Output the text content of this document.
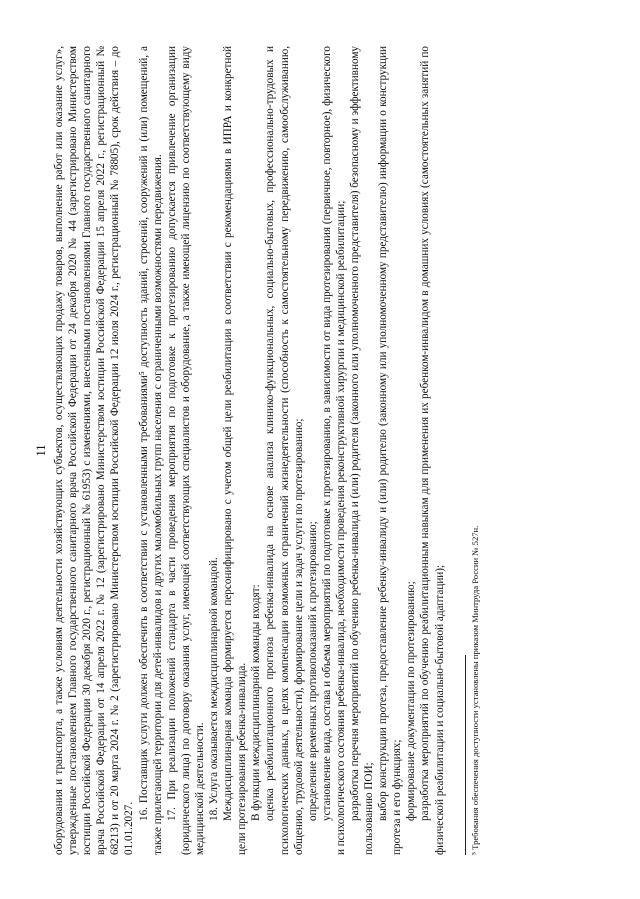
11 оборудования и транспорта, а также условиям деятельности хозяйствующих субъектов, осуществляющих продажу товаров, выполнение работ или оказание услуг», утвержденные постановлением Главного государственного санитарного врача Российской Федерации от 24 декабря 2020 № 44 (зарегистрировано Министерством юстиции Российской Федерации 30 декабря 2020 г., регистрационный № 61953) с изменениями, внесенными постановлениями Главного государственного санитарного врача Российской Федерации от 14 апреля 2022 г. № 12 (зарегистрировано Министерством юстиции Российской Федерации 15 апреля 2022 г., регистрационный № 68213) и от 20 марта 2024 г. № 2 (зарегистрировано Министерством юстиции Российской Федерации 12 июля 2024 г., регистрационный № 78805), срок действия – до 01.01.2027.

16. Поставщик услуги должен обеспечить в соответствии с установленными требованиями⁵ доступность зданий, строений, сооружений и (или) помещений, а также прилегающей территории для детей-инвалидов и других маломобильных групп населения с ограниченными возможностями передвижения. 17. При реализации положений стандарта в части проведения мероприятия по подготовке к протезированию допускается привлечение организации (юридического лица) по договору оказания услуг, имеющей соответствующих специалистов и оборудование, а также имеющей лицензию по соответствующему виду медицинской деятельности. 18. Услуга оказывается междисциплинарной командой. Междисциплинарная команда формируется персонифицировано с учетом общей цели реабилитации в соответствии с рекомендациями в ИПРА и конкретной цели протезирования ребенка-инвалида. В функции междисциплинарной команды входят: оценка реабилитационного прогноза ребенка-инвалида на основе анализа клинико-функциональных, социально-бытовых, профессионально-трудовых и психологических данных, в целях компенсации возможных ограничений жизнедеятельности (способность к самостоятельному передвижению, самообслуживанию, общению, трудовой деятельности), формирование цели и задач услуги по протезированию; определение временных противопоказаний к протезированию; установление вида, состава и объема мероприятий по подготовке к протезированию, в зависимости от вида протезирования (первичное, повторное), физического и психологического состояния ребенка-инвалида, необходимости проведения реконструктивной хирургии и медицинской реабилитации; разработка перечня мероприятий по обучению ребенка-инвалида и (или) родителя (законного или уполномоченного представителя) безопасному и эффективному пользованию ПОИ; выбор конструкции протеза, предоставление ребенку-инвалиду и (или) родителю (законному или уполномоченному представителю) информации о конструкции протеза и его функциях; формирование документации по протезированию; разработка мероприятий по обучению реабилитационным навыкам для применения их ребенком-инвалидом в домашних условиях (самостоятельных занятий по физической реабилитации и социально-бытовой адаптации);	⁵ Требования обеспечения доступности установлены приказом Минтруда России № 527н.
